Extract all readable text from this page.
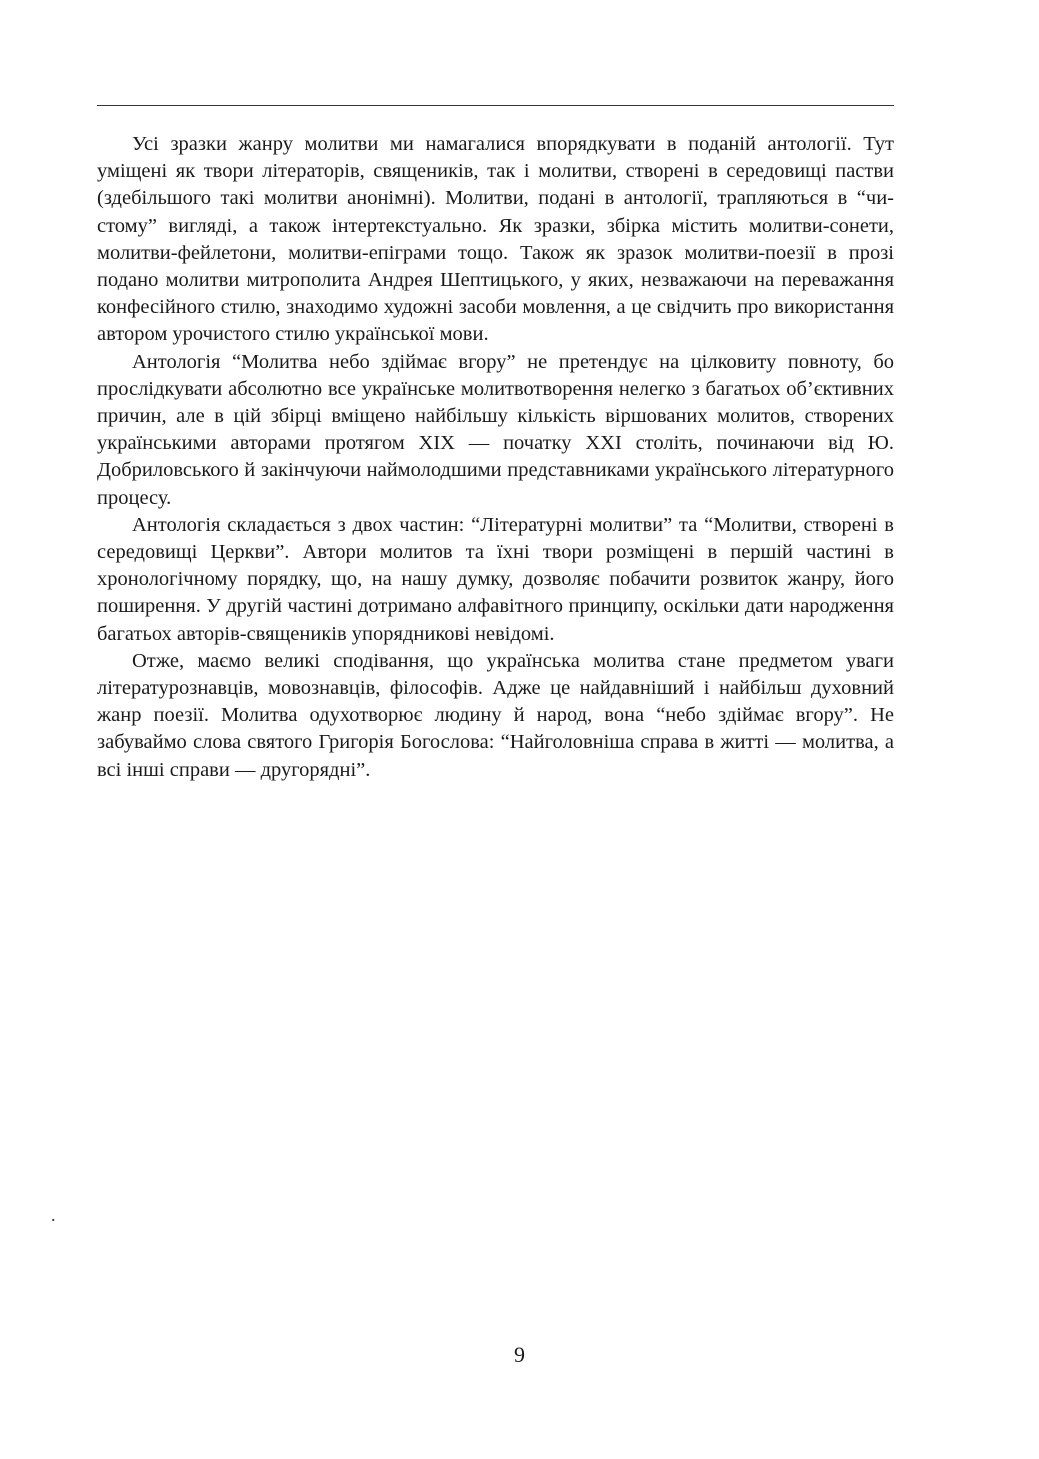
Усі зразки жанру молитви ми намагалися впорядкувати в поданій антології. Тут уміщені як твори літераторів, священиків, так і молитви, створені в середовищі пастви (здебільшого такі молитви анонімні). Молитви, подані в антології, трапляються в “чистому” вигляді, а також інтертекстуально. Як зразки, збірка містить молитви-сонети, молитви-фейлетони, молитви-епіграми тощо. Також як зразок молитви-поезії в прозі подано молитви митрополита Андрея Шептицького, у яких, незважаючи на переважання конфесійного стилю, знаходимо художні засоби мовлення, а це свідчить про використання автором урочистого стилю української мови.

Антологія “Молитва небо здіймає вгору” не претендує на цілковиту повноту, бо прослідкувати абсолютно все українське молитвотворення нелегко з багатьох об’єктивних причин, але в цій збірці вміщено найбільшу кількість віршованих молитов, створених українськими авторами протягом XIX — початку XXI століть, починаючи від Ю. Добриловського й закінчуючи наймолодшими представниками українського літературного процесу.

Антологія складається з двох частин: “Літературні молитви” та “Молитви, створені в середовищі Церкви”. Автори молитов та їхні твори розміщені в першій частині в хронологічному порядку, що, на нашу думку, дозволяє побачити розвиток жанру, його поширення. У другій частині дотримано алфавітного принципу, оскільки дати народження багатьох авторів-священиків упорядникові невідомі.

Отже, маємо великі сподівання, що українська молитва стане предметом уваги літературознавців, мовознавців, філософів. Адже це найдавніший і найбільш духовний жанр поезії. Молитва одухотворює людину й народ, вона “небо здіймає вгору”. Не забуваймо слова святого Григорія Богослова: “Найголовніша справа в житті — молитва, а всі інші справи — другорядні”.

.
9
